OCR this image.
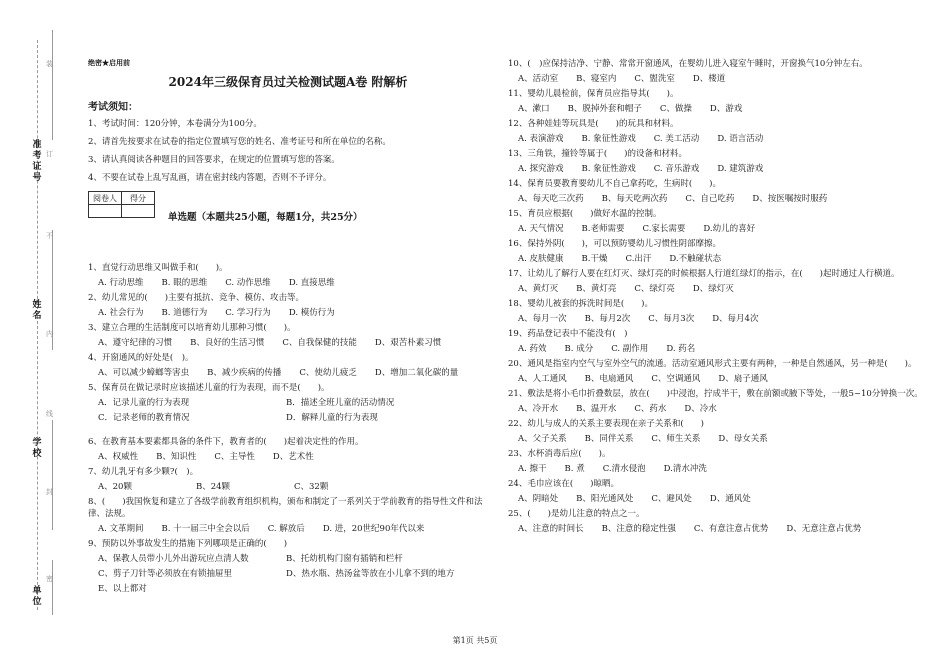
准考证号
姓名
学校
单位
装
订
不
内
线
封
密
绝密★启用前
2024年三级保育员过关检测试题A卷 附解析
考试须知：
1、考试时间：120分钟，本卷满分为100分。
2、请首先按要求在试卷的指定位置填写您的姓名、准考证号和所在单位的名称。
3、请认真阅读各种题目的回答要求，在规定的位置填写您的答案。
4、不要在试卷上乱写乱画，请在密封线内答题，否则不予评分。
阅卷人	得分

单选题（本题共25小题，每题1分，共25分）
1、直觉行动思维又叫做手和(　　)。
A. 行动思维 B. 眼的思维 C. 动作思维 D. 直接思维
2、幼儿常见的(　　)主要有抵抗、竞争、模仿、攻击等。
A. 社会行为 B. 道德行为 C. 学习行为 D. 模仿行为
3、建立合理的生活制度可以培育幼儿那种习惯(　　)。
A、遵守纪律的习惯 B、良好的生活习惯 C、自我保健的技能 D、艰苦朴素习惯
4、开窗通风的好处是(　)。
A、可以减少蟑螂等害虫 B、减少疾病的传播 C、使幼儿疲乏 D、增加二氧化碳的量
5、保育员在做记录时应该描述儿童的行为表现，而不是(　　)。
A．记录儿童的行为表现	B．描述全班儿童的活动情况
C．记录老师的教育情况	D．解释儿童的行为表现
6、在教育基本要素都具备的条件下，教育者的(　　)起着决定性的作用。
A、权威性 B、知识性 C、主导性 D、艺术性
7、幼儿乳牙有多少颗?(　)。
A、20颗	B、24颗	C、32颗
8、(　　)我国恢复和建立了各级学前教育组织机构，颁布和制定了一系列关于学前教育的指导性文件和法律、法规。
A. 文革期间 B. 十一届三中全会以后 C. 解放后 D. 进，20世纪90年代以来
9、预防以外事故发生的措施下列哪项是正确的(　　)
A、保教人员带小儿外出游玩应点清人数	B、托幼机构门窗有插销和栏杆
C、剪子刀针等必须放在有锁抽屉里	D、热水瓶、热汤盆等放在小儿拿不到的地方
E、以上都对
10、(　)应保持洁净、宁静、常常开窗通风，在婴幼儿进入寝室午睡时，开窗换气10分钟左右。
A、活动室 B、寝室内 C、盥洗室 D、楼道
11、婴幼儿晨检前，保育员应指导其(　　)。
A、漱口 B、脱掉外套和帽子 C、做操 D、游戏
12、各种娃娃等玩具是(　　)的玩具和材料。
A. 表演游戏 B. 象征性游戏 C. 美工活动 D. 语言活动
13、三角铁，撞铃等属于(　　)的设备和材料。
A. 探究游戏 B. 象征性游戏 C. 音乐游戏 D. 建筑游戏
14、保育员要教育要幼儿不自己拿药吃，生病时(　　)。
A、每天吃三次药 B、每天吃两次药 C、自己吃药 D、按医嘱按时服药
15、育员应根据(　　)做好水温的控制。
A. 天气情况 B.老师需要 C.家长需要 D.幼儿的喜好
16、保持外阴(　　)，可以预防婴幼儿习惯性阴部摩擦。
A. 皮肤健康 B.干燥 C.出汗 D.不触碰状态
17、让幼儿了解行人要在红灯灭、绿灯亮的时候根据人行道红绿灯的指示，在(　　)起时通过人行横道。
A、黄灯灭 B、黄灯亮 C、绿灯亮 D、绿灯灭
18、婴幼儿被套的拆洗时间是(　　)。
A、每月一次 B、每月2次 C、每月3次 D、每月4次
19、药品登记表中不能没有(　)
A. 药效 B. 成分 C. 副作用 D. 药名
20、通风是指室内空气与室外空气的流通。活动室通风形式主要有两种，一种是自然通风，另一种是(　　)。
A、人工通风 B、电扇通风 C、空调通风 D、扇子通风
21、敷法是将小毛巾折叠数层，放在(　　)中浸泡，拧成半干，敷在前额或腋下等处，一般5~10分钟换一次。
A、冷开水 B、温开水 C、药水 D、冷水
22、幼儿与成人的关系主要表现在亲子关系和(　　)
A、父子关系 B、同伴关系 C、师生关系 D、母女关系
23、水杯消毒后应(　　)。
A. 擦干 B. 煮 C.清水侵泡 D.清水冲洗
24、毛巾应该在(　　)晾晒。
A、阴暗处 B、阳光通风处 C、避风处 D、通风处
25、(　　)是幼儿注意的特点之一。
A、注意的时间长 B、注意的稳定性强 C、有意注意占优势 D、无意注意占优势
第1页 共5页
